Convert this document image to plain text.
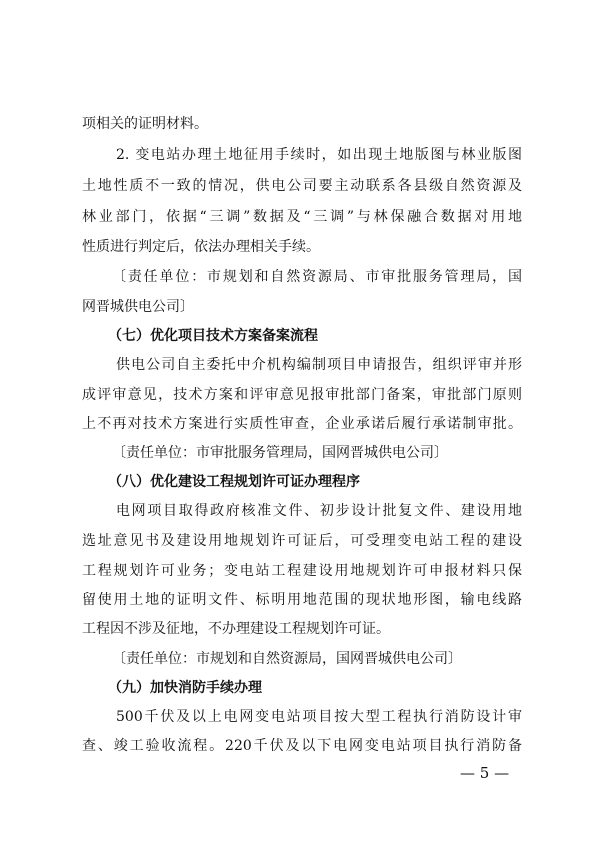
项相关的证明材料。
2. 变电站办理土地征用手续时，如出现土地版图与林业版图
土地性质不一致的情况，供电公司要主动联系各县级自然资源及
林业部门，依据“三调”数据及“三调”与林保融合数据对用地
性质进行判定后，依法办理相关手续。
〔责任单位：市规划和自然资源局、市审批服务管理局，国
网晋城供电公司〕
（七）优化项目技术方案备案流程
供电公司自主委托中介机构编制项目申请报告，组织评审并形
成评审意见，技术方案和评审意见报审批部门备案，审批部门原则
上不再对技术方案进行实质性审查，企业承诺后履行承诺制审批。
〔责任单位：市审批服务管理局，国网晋城供电公司〕
（八）优化建设工程规划许可证办理程序
电网项目取得政府核准文件、初步设计批复文件、建设用地
选址意见书及建设用地规划许可证后，可受理变电站工程的建设
工程规划许可业务；变电站工程建设用地规划许可申报材料只保
留使用土地的证明文件、标明用地范围的现状地形图，输电线路
工程因不涉及征地，不办理建设工程规划许可证。
〔责任单位：市规划和自然资源局，国网晋城供电公司〕
（九）加快消防手续办理
500千伏及以上电网变电站项目按大型工程执行消防设计审
查、竣工验收流程。220千伏及以下电网变电站项目执行消防备
— 5 —
